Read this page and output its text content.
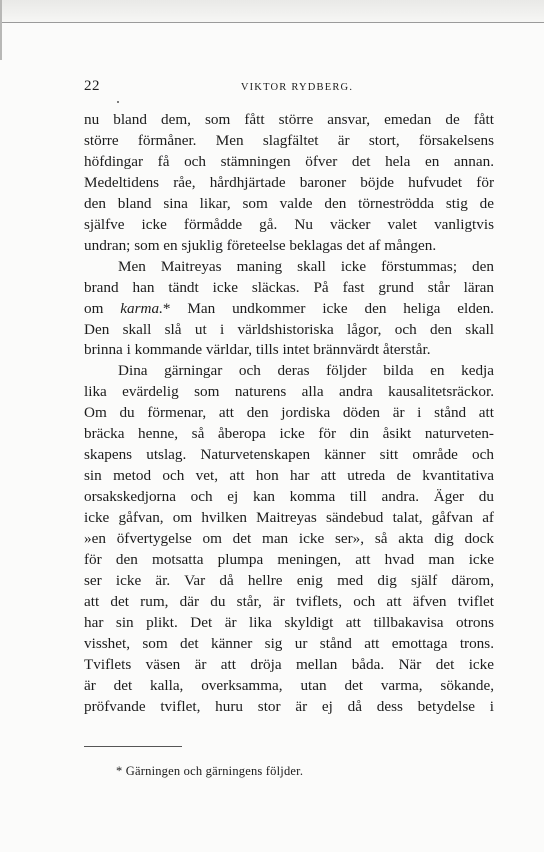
22	VIKTOR RYDBERG.

nu bland dem, som fått större ansvar, emedan de fått
större förmåner. Men slagfältet är stort, försakelsens
höfdingar få och stämningen öfver det hela en annan.
Medeltidens råe, hårdhjärtade baroner böjde hufvudet för
den bland sina likar, som valde den törneströdda stig de
själfve icke förmådde gå. Nu väcker valet vanligtvis
undran; som en sjuklig företeelse beklagas det af mången.

Men Maitreyas maning skall icke förstummas; den
brand han tändt icke släckas. På fast grund står läran
om karma.* Man undkommer icke den heliga elden.
Den skall slå ut i världshistoriska lågor, och den skall
brinna i kommande världar, tills intet brännvärdt återstår.

Dina gärningar och deras följder bilda en kedja
lika evärdelig som naturens alla andra kausalitetsräckor.
Om du förmenar, att den jordiska döden är i stånd att
bräcka henne, så åberopa icke för din åsikt naturveten-
skapens utslag. Naturvetenskapen känner sitt område och
sin metod och vet, att hon har att utreda de kvantitativa
orsakskedjorna och ej kan komma till andra. Äger du
icke gåfvan, om hvilken Maitreyas sändebud talat, gåfvan af
»en öfvertygelse om det man icke ser», så akta dig dock
för den motsatta plumpa meningen, att hvad man icke
ser icke är. Var då hellre enig med dig själf därom,
att det rum, där du står, är tviflets, och att äfven tviflet
har sin plikt. Det är lika skyldigt att tillbakavisa otrons
visshet, som det känner sig ur stånd att emottaga trons.
Tviflets väsen är att dröja mellan båda. När det icke
är det kalla, overksamma, utan det varma, sökande,
pröfvande tviflet, huru stor är ej då dess betydelse i

* Gärningen och gärningens följder.
